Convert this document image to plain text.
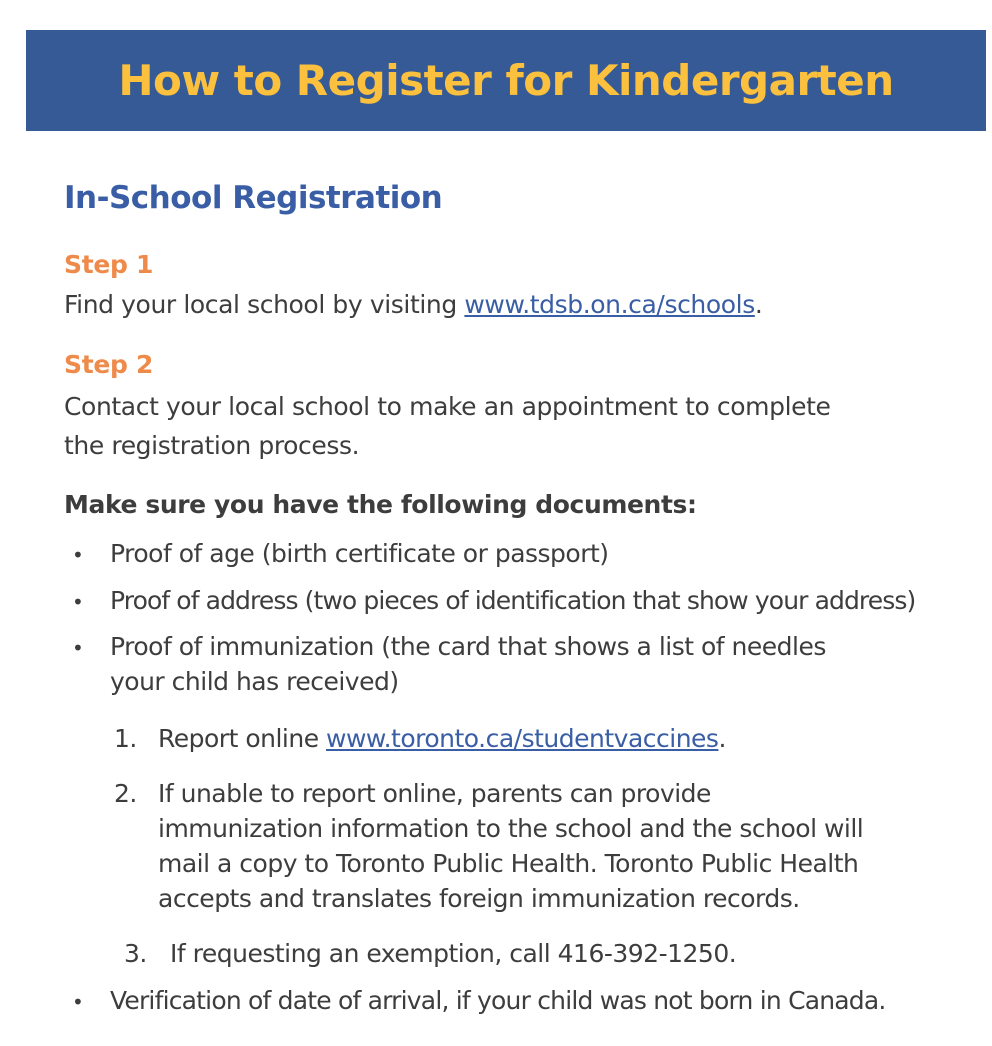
How to Register for Kindergarten
In-School Registration
Step 1
Find your local school by visiting www.tdsb.on.ca/schools.
Step 2
Contact your local school to make an appointment to complete
the registration process.
Make sure you have the following documents:
• Proof of age (birth certificate or passport)
• Proof of address (two pieces of identification that show your address)
• Proof of immunization (the card that shows a list of needles
your child has received)
1. Report online www.toronto.ca/studentvaccines.
2. If unable to report online, parents can provide
immunization information to the school and the school will
mail a copy to Toronto Public Health. Toronto Public Health
accepts and translates foreign immunization records.
3. If requesting an exemption, call 416-392-1250.
• Verification of date of arrival, if your child was not born in Canada.
